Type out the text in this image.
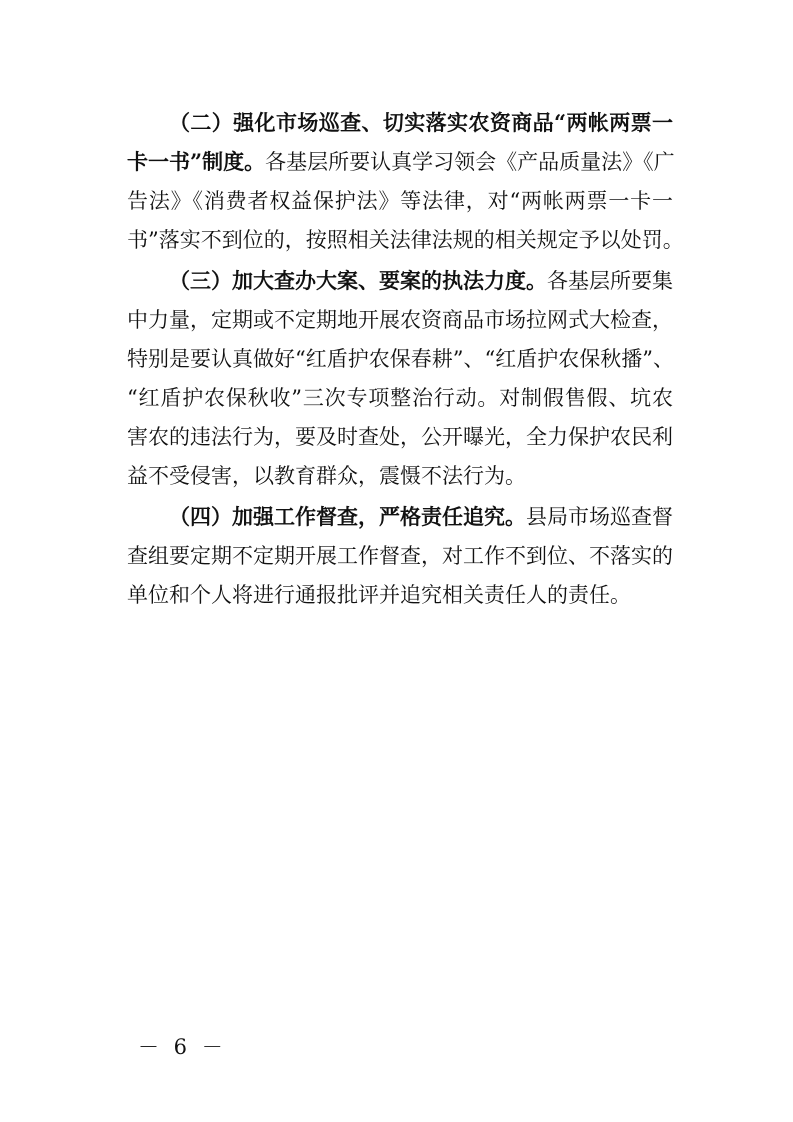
（二）强化市场巡查、切实落实农资商品“两帐两票一
卡一书”制度。各基层所要认真学习领会《产品质量法》《广
告法》《消费者权益保护法》等法律，对“两帐两票一卡一
书”落实不到位的，按照相关法律法规的相关规定予以处罚。
（三）加大查办大案、要案的执法力度。各基层所要集
中力量，定期或不定期地开展农资商品市场拉网式大检查，
特别是要认真做好“红盾护农保春耕”、“红盾护农保秋播”、
“红盾护农保秋收”三次专项整治行动。对制假售假、坑农
害农的违法行为，要及时查处，公开曝光，全力保护农民利
益不受侵害，以教育群众，震慑不法行为。
（四）加强工作督查，严格责任追究。县局市场巡查督
查组要定期不定期开展工作督查，对工作不到位、不落实的
单位和个人将进行通报批评并追究相关责任人的责任。
－ 6 －
